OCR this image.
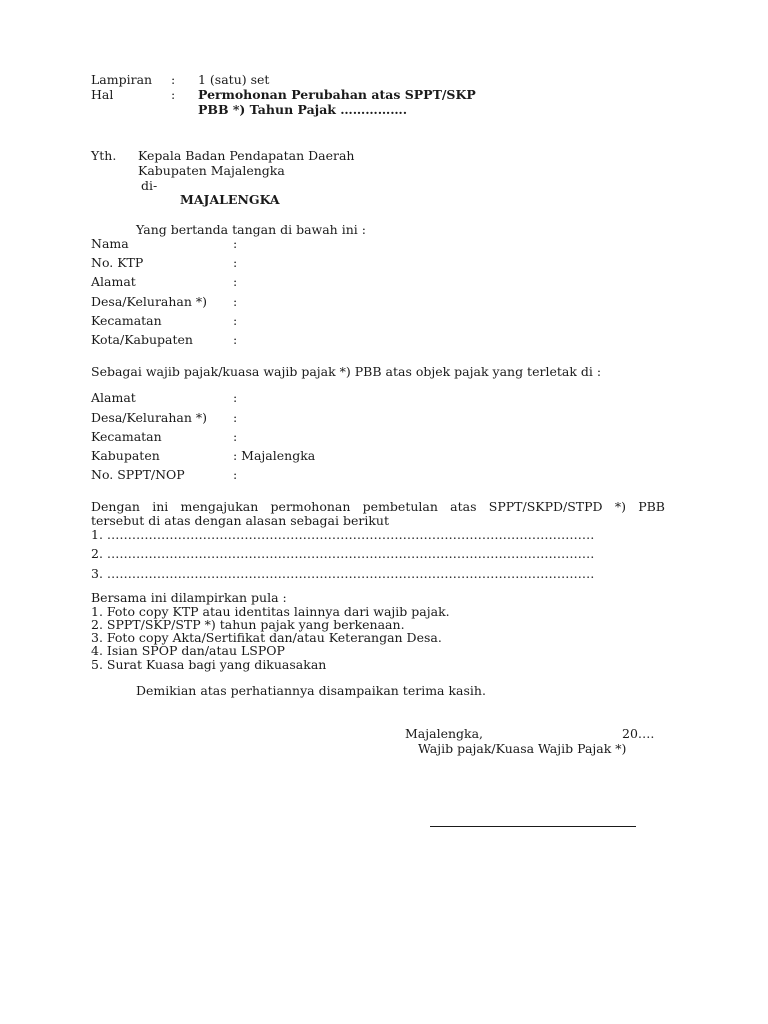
Lampiran : 1 (satu) set
Hal	: Permohonan Perubahan atas SPPT/SKP
PBB *) Tahun Pajak …………….
Yth. Kepala Badan Pendapatan Daerah
Kabupaten Majalengka
di-
MAJALENGKA
Yang bertanda tangan di bawah ini :
Nama	:
No. KTP	:
Alamat	:
Desa/Kelurahan *) :
Kecamatan	:
Kota/Kabupaten	:
Sebagai wajib pajak/kuasa wajib pajak *) PBB atas objek pajak yang terletak di :
Alamat	:
Desa/Kelurahan *) :
Kecamatan	:
Kabupaten	: Majalengka
No. SPPT/NOP	:
Dengan ini mengajukan permohonan pembetulan atas SPPT/SKPD/STPD *) PBB
tersebut di atas dengan alasan sebagai berikut
1. ………………………………………………………………………………………………………
2. ………………………………………………………………………………………………………
3. ………………………………………………………………………………………………………
Bersama ini dilampirkan pula :
1. Foto copy KTP atau identitas lainnya dari wajib pajak.
2. SPPT/SKP/STP *) tahun pajak yang berkenaan.
3. Foto copy Akta/Sertifikat dan/atau Keterangan Desa.
4. Isian SPOP dan/atau LSPOP
5. Surat Kuasa bagi yang dikuasakan
Demikian atas perhatiannya disampaikan terima kasih.
Majalengka,	20….
Wajib pajak/Kuasa Wajib Pajak *)
